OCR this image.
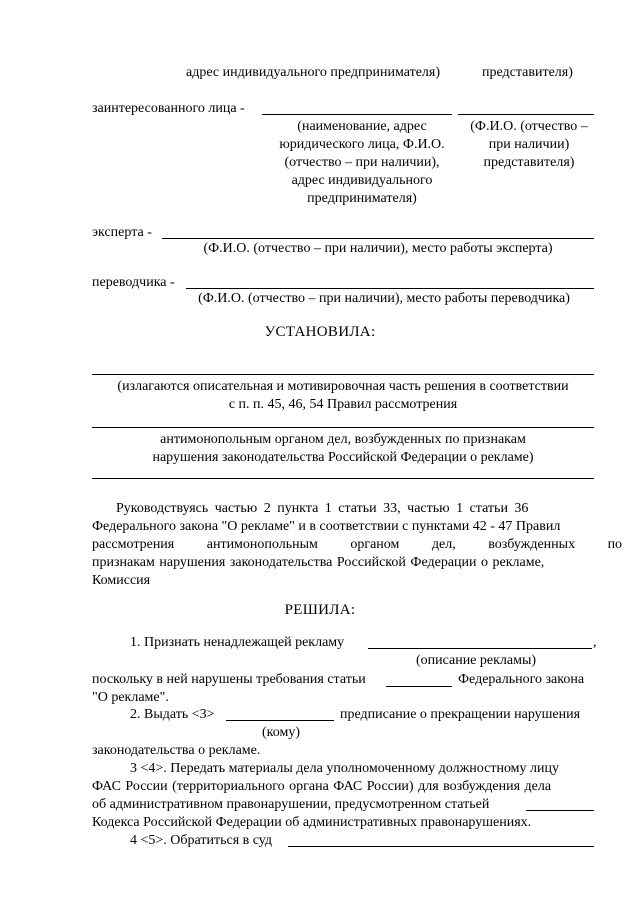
адрес индивидуального предпринимателя)	представителя)
заинтересованного лица -
(наименование, адрес
юридического лица, Ф.И.О.
(отчество – при наличии),
адрес индивидуального
предпринимателя)
(Ф.И.О. (отчество –
при наличии)
представителя)
эксперта -
(Ф.И.О. (отчество – при наличии), место работы эксперта)
переводчика -
(Ф.И.О. (отчество – при наличии), место работы переводчика)
УСТАНОВИЛА:
(излагаются описательная и мотивировочная часть решения в соответствии
с п. п. 45, 46, 54 Правил рассмотрения
антимонопольным органом дел, возбужденных по признакам
нарушения законодательства Российской Федерации о рекламе)
Руководствуясь частью 2 пункта 1 статьи 33, частью 1 статьи 36
Федерального закона "О рекламе" и в соответствии с пунктами 42 - 47 Правил
рассмотрения антимонопольным органом дел, возбужденных по
признакам нарушения законодательства Российской Федерации о рекламе,
Комиссия
РЕШИЛА:
1. Признать ненадлежащей рекламу	,
(описание рекламы)
поскольку в ней нарушены требования статьи	Федерального закона
"О рекламе".
2. Выдать <3>	предписание о прекращении нарушения
(кому)
законодательства о рекламе.
3 <4>. Передать материалы дела уполномоченному должностному лицу
ФАС России (территориального органа ФАС России) для возбуждения дела
об административном правонарушении, предусмотренном статьей
Кодекса Российской Федерации об административных правонарушениях.
4 <5>. Обратиться в суд
